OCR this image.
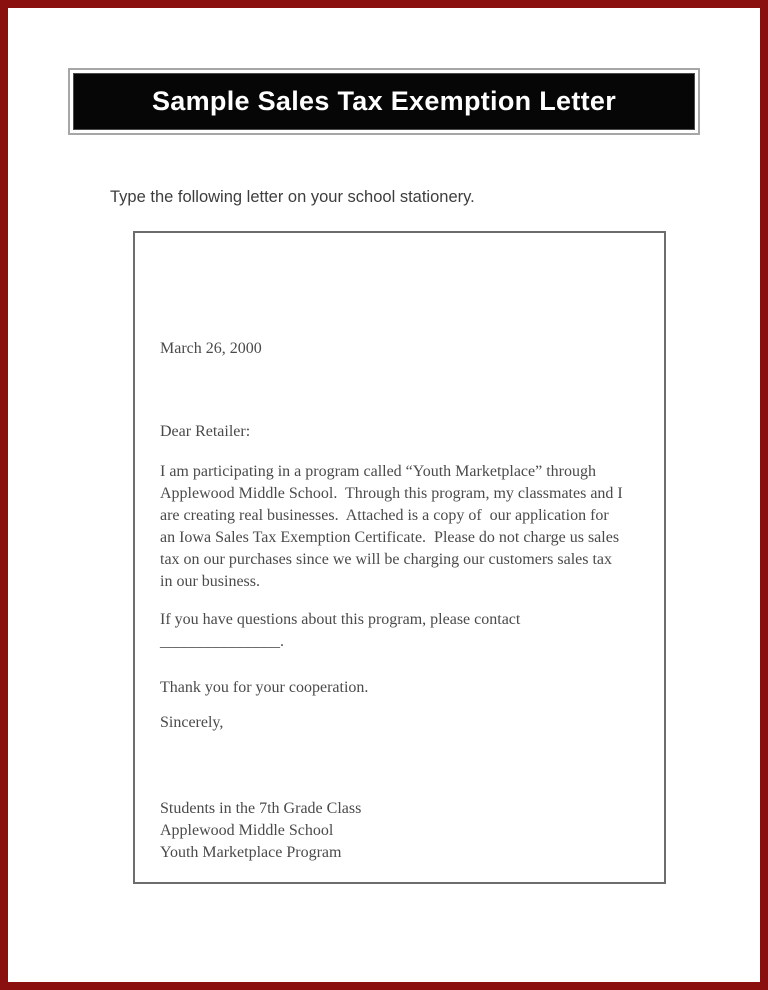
Sample Sales Tax Exemption Letter
Type the following letter on your school stationery.
March 26, 2000
Dear Retailer:
I am participating in a program called “Youth Marketplace” through
Applewood Middle School.  Through this program, my classmates and I
are creating real businesses.  Attached is a copy of  our application for
an Iowa Sales Tax Exemption Certificate.  Please do not charge us sales
tax on our purchases since we will be charging our customers sales tax
in our business.
If you have questions about this program, please contact
_______________.
Thank you for your cooperation.
Sincerely,
Students in the 7th Grade Class
Applewood Middle School
Youth Marketplace Program
